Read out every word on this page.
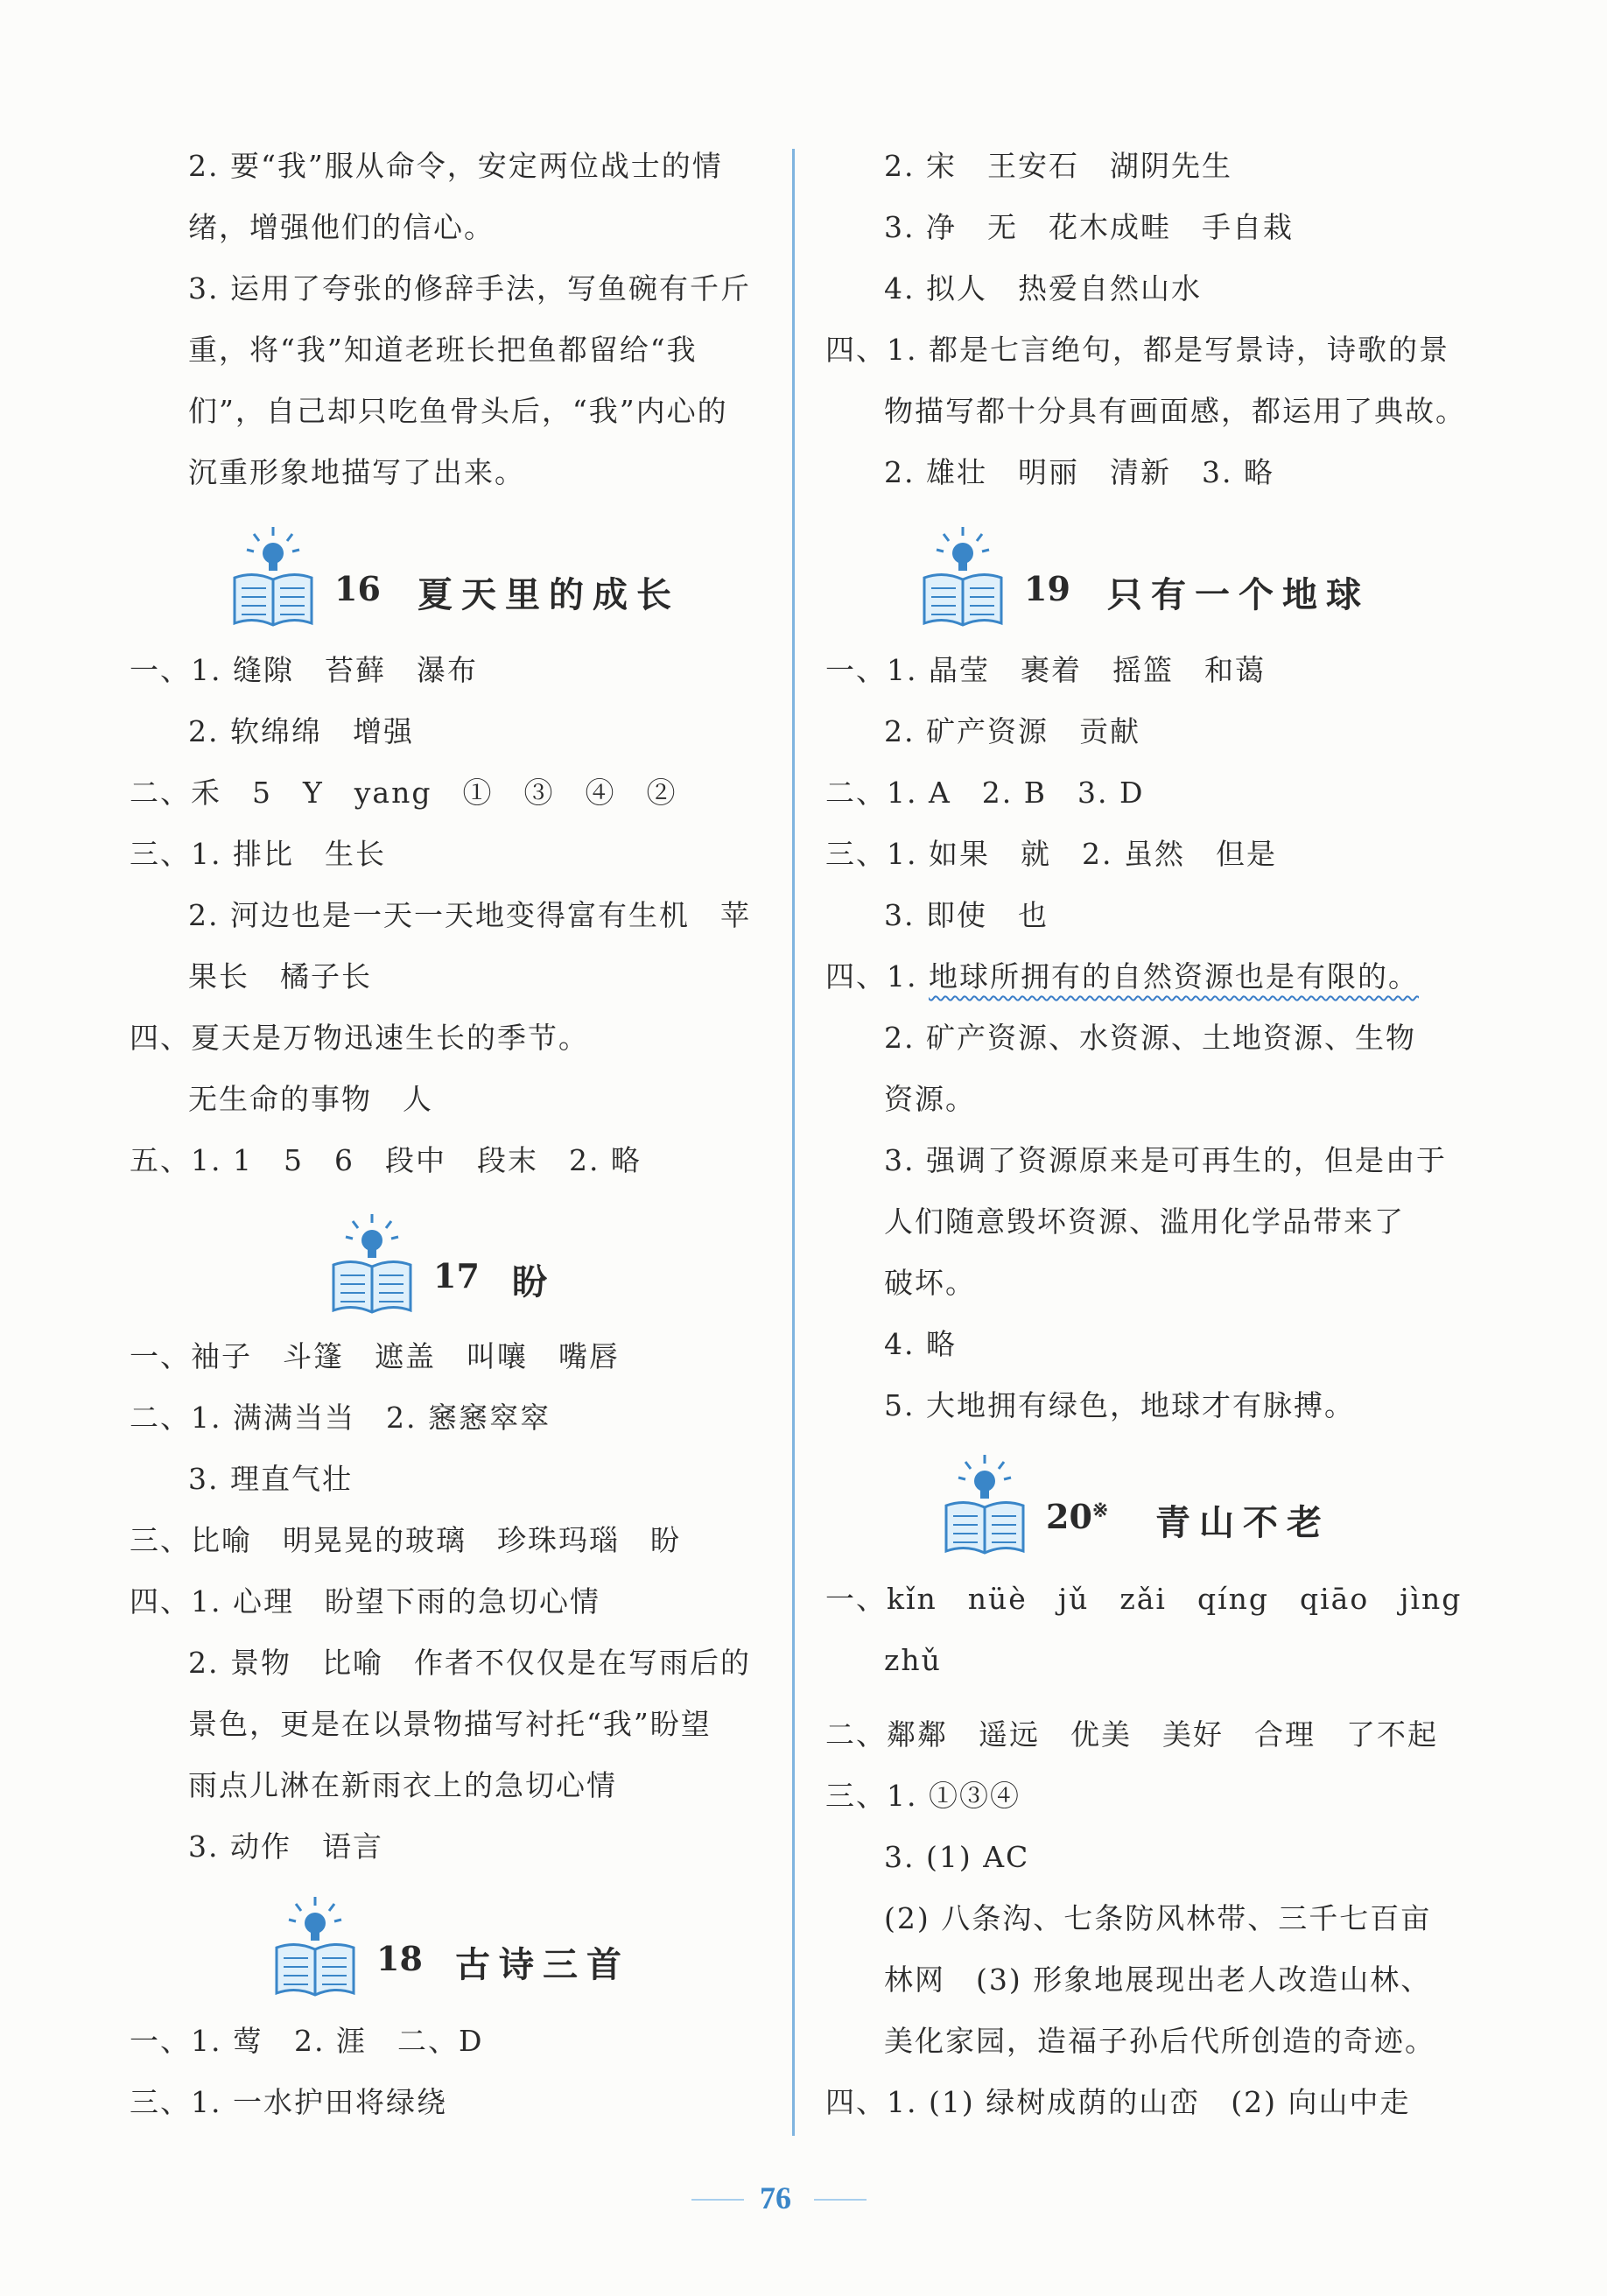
2. 要“我”服从命令，安定两位战士的情
绪，增强他们的信心。
3. 运用了夸张的修辞手法，写鱼碗有千斤
重，将“我”知道老班长把鱼都留给“我
们”，自己却只吃鱼骨头后，“我”内心的
沉重形象地描写了出来。
16 夏天里的成长
一、1. 缝隙　苔藓　瀑布
2. 软绵绵　增强
二、禾　5　Y　yang　①　③　④　②
三、1. 排比　生长
2. 河边也是一天一天地变得富有生机　苹
果长　橘子长
四、夏天是万物迅速生长的季节。
无生命的事物　人
五、1. 1　5　6　段中　段末　2. 略
17 盼
一、袖子　斗篷　遮盖　叫嚷　嘴唇
二、1. 满满当当　2. 窸窸窣窣
3. 理直气壮
三、比喻　明晃晃的玻璃　珍珠玛瑙　盼
四、1. 心理　盼望下雨的急切心情
2. 景物　比喻　作者不仅仅是在写雨后的
景色，更是在以景物描写衬托“我”盼望
雨点儿淋在新雨衣上的急切心情
3. 动作　语言
18 古诗三首
一、1. 莺　2. 涯　二、D
三、1. 一水护田将绿绕
2. 宋　王安石　湖阴先生
3. 净　无　花木成畦　手自栽
4. 拟人　热爱自然山水
四、1. 都是七言绝句，都是写景诗，诗歌的景
物描写都十分具有画面感，都运用了典故。
2. 雄壮　明丽　清新　3. 略
19 只有一个地球
一、1. 晶莹　裹着　摇篮　和蔼
2. 矿产资源　贡献
二、1. A　2. B　3. D
三、1. 如果　就　2. 虽然　但是
3. 即使　也
四、1. 地球所拥有的自然资源也是有限的。
2. 矿产资源、水资源、土地资源、生物
资源。
3. 强调了资源原来是可再生的，但是由于
人们随意毁坏资源、滥用化学品带来了
破坏。
4. 略
5. 大地拥有绿色，地球才有脉搏。
20※ 青山不老
一、kǐn　nüè　jǔ　zǎi　qíng　qiāo　jìng
zhǔ
二、鄰鄰　遥远　优美　美好　合理　了不起
三、1. ①③④
3. (1) AC
(2) 八条沟、七条防风林带、三千七百亩
林网　(3) 形象地展现出老人改造山林、
美化家园，造福子孙后代所创造的奇迹。
四、1. (1) 绿树成荫的山峦　(2) 向山中走
76
